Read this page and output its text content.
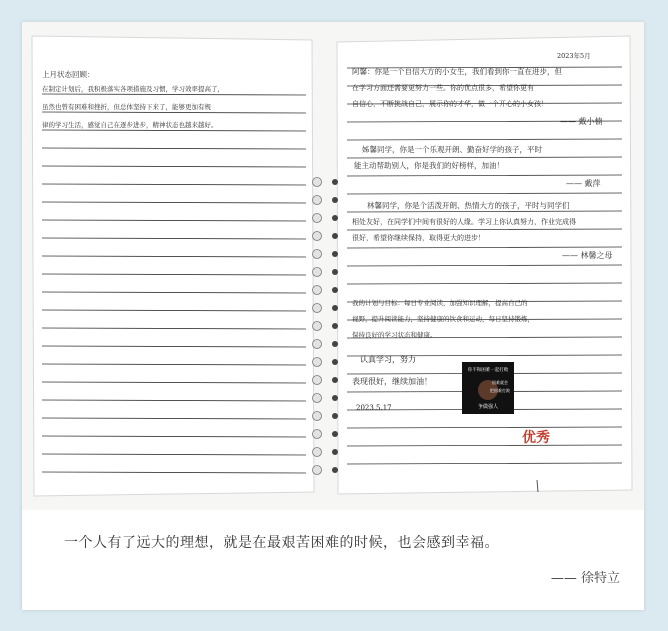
上月状态回顾：
在制定计划后，我积极落实各项措施及习惯，学习效率提高了，
虽然也曾有困难和挫折，但总体坚持下来了，能够更加有规
律的学习生活，感觉自己在逐步进步，精神状态也越来越好。
2023年5月
阿馨：你是一个自信大方的小女生，我们看到你一直在进步，但
在学习方面还需要更努力一些。你的优点很多，希望你更有
自信心，不断挑战自己，展示你的才华，做一个开心的小女孩！
—— 戴小楠
姊馨同学，你是一个乐观开朗、勤奋好学的孩子，平时
能主动帮助别人，你是我们的好榜样，加油！
—— 戴萍
林馨同学，你是个活泼开朗、热情大方的孩子，平时与同学们
相处友好，在同学们中间有很好的人缘。学习上你认真努力，作业完成得
很好，希望你继续保持，取得更大的进步！
—— 林馨之母
我的计划与目标：每日专业阅读，加强知识理解，提高自己的
视野，提升阅读能力，坚持健康的饮食和运动，每日坚持锻炼，
保持良好的学习状态和健康。
认真学习，努力
表现很好，继续加油！
2023.5.17
你不和困难一起打败
困难就会
把困难打败
争做强人
优秀
一个人有了远大的理想，就是在最艰苦困难的时候，也会感到幸福。
—— 徐特立
